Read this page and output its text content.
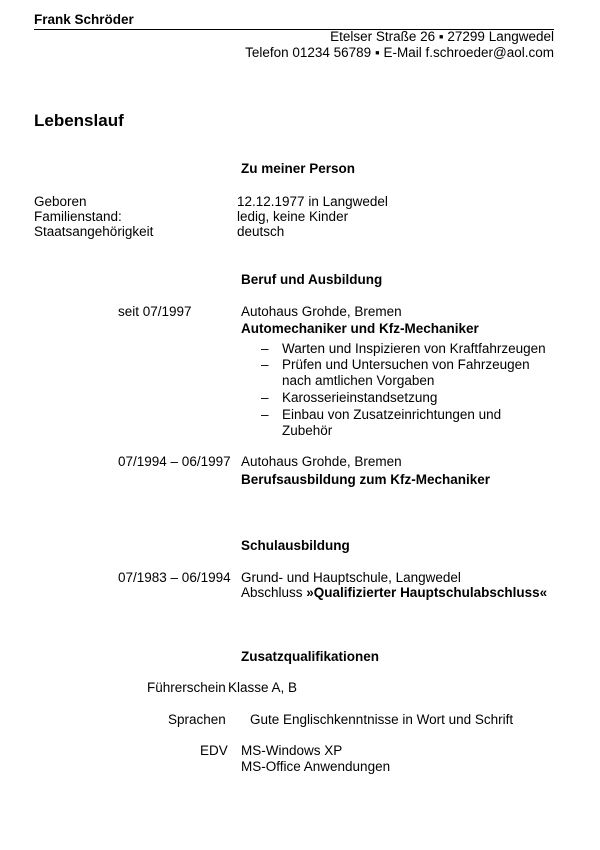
Frank Schröder
Etelser Straße 26 ▪ 27299 Langwedel
Telefon 01234 56789 ▪ E-Mail f.schroeder@aol.com
Lebenslauf
Zu meiner Person
Geboren	12.12.1977 in Langwedel
Familienstand:	ledig, keine Kinder
Staatsangehörigkeit	deutsch
Beruf und Ausbildung
seit 07/1997	Autohaus Grohde, Bremen
Automechaniker und Kfz-Mechaniker
– Warten und Inspizieren von Kraftfahrzeugen
– Prüfen und Untersuchen von Fahrzeugen
nach amtlichen Vorgaben
– Karosserieinstandsetzung
– Einbau von Zusatzeinrichtungen und
Zubehör
07/1994 – 06/1997 Autohaus Grohde, Bremen
Berufsausbildung zum Kfz-Mechaniker
Schulausbildung
07/1983 – 06/1994 Grund- und Hauptschule, Langwedel
Abschluss »Qualifizierter Hauptschulabschluss«
Zusatzqualifikationen
Führerschein Klasse A, B
Sprachen Gute Englischkenntnisse in Wort und Schrift
EDV MS-Windows XP
MS-Office Anwendungen
